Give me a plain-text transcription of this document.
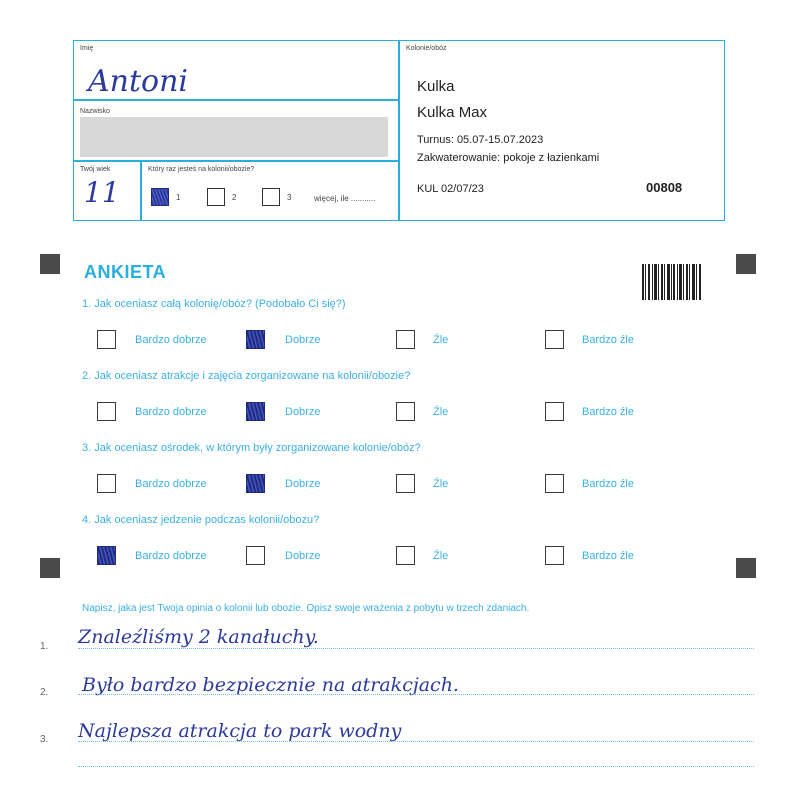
Imię
Antoni
Nazwisko
Twój wiek
11
Który raz jesteś na kolonii/obozie?
1	2	3	więcej, ile ...........
Kolonie/obóz
Kulka
Kulka Max
Turnus: 05.07-15.07.2023
Zakwaterowanie: pokoje z łazienkami
KUL 02/07/23	00808
ANKIETA
1. Jak oceniasz całą kolonię/obóz? (Podobało Ci się?)
Bardzo dobrze	Dobrze	Źle	Bardzo źle
2. Jak oceniasz atrakcje i zajęcia zorganizowane na kolonii/obozie?
Bardzo dobrze	Dobrze	Źle	Bardzo źle
3. Jak oceniasz ośrodek, w którym były zorganizowane kolonie/obóz?
Bardzo dobrze	Dobrze	Źle	Bardzo źle
4. Jak oceniasz jedzenie podczas kolonii/obozu?
Bardzo dobrze	Dobrze	Źle	Bardzo źle
Napisz, jaka jest Twoja opinia o kolonii lub obozie. Opisz swoje wrażenia z pobytu w trzech zdaniach.
1. Znaleźliśmy 2 kanałuchy.
2. Było bardzo bezpiecznie na atrakcjach.
3. Najlepsza atrakcja to park wodny
